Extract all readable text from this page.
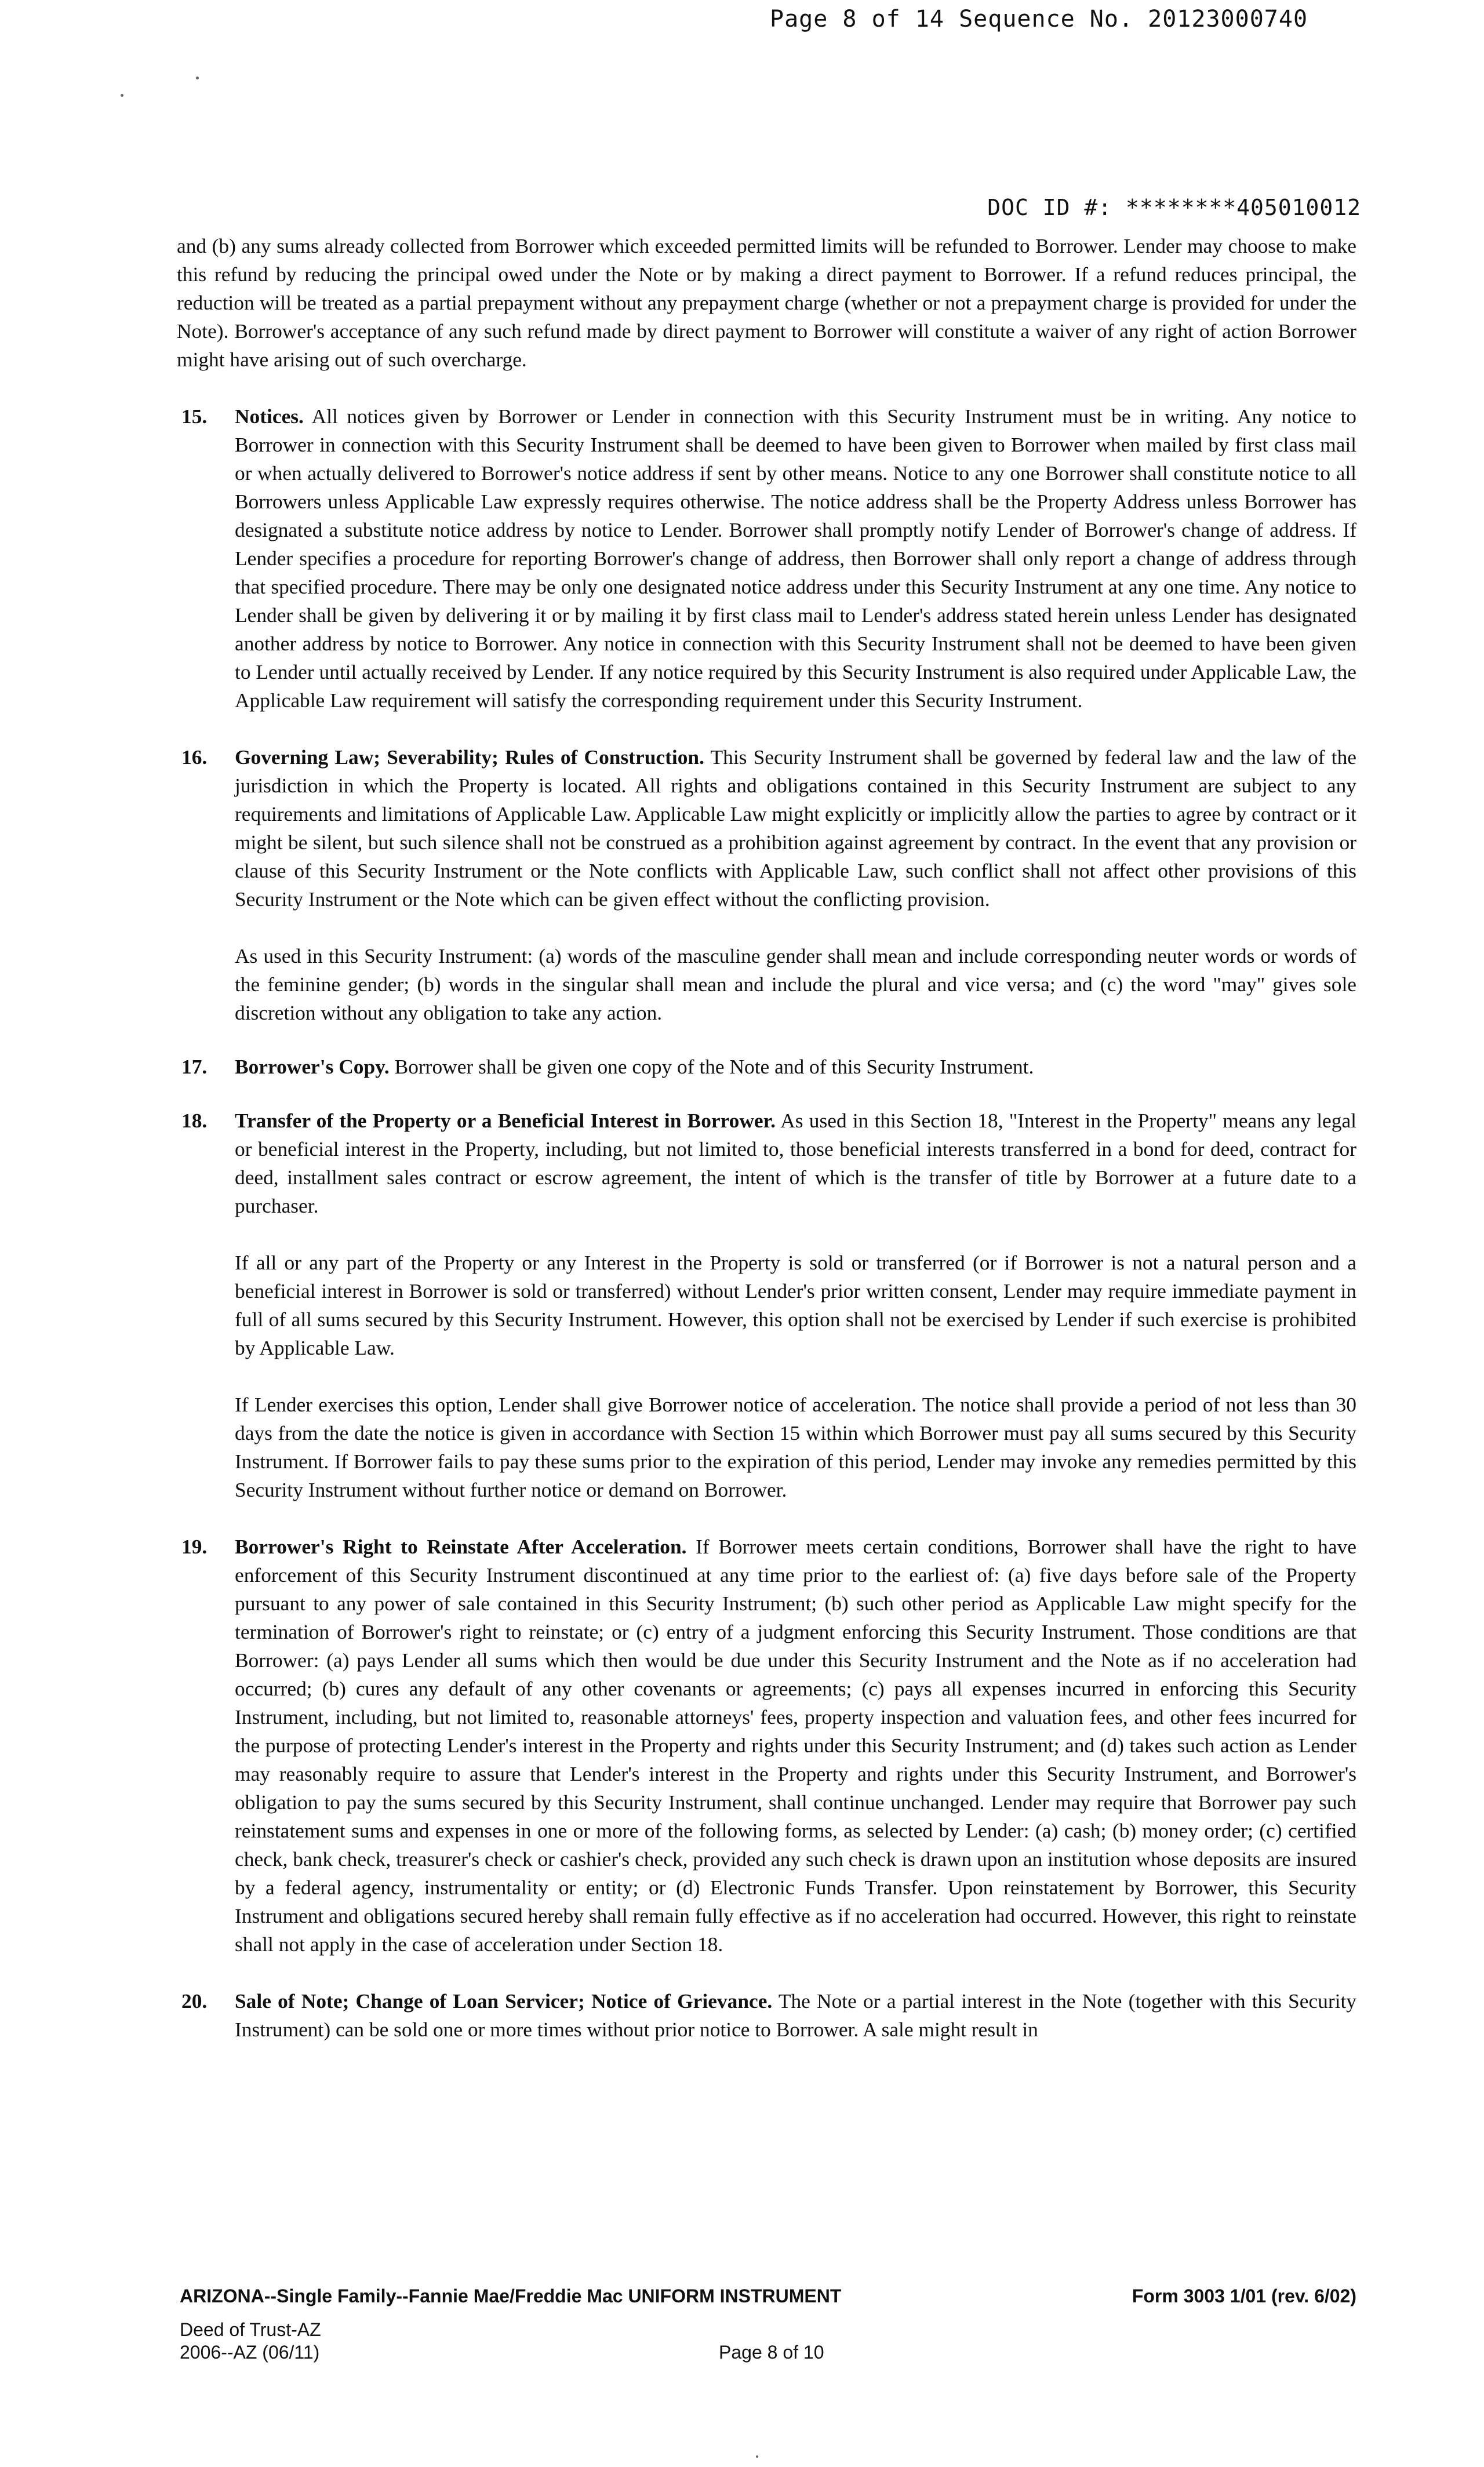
Page 8 of 14 Sequence No. 20123000740
DOC ID #: ********405010012

and (b) any sums already collected from Borrower which exceeded permitted limits will be refunded to Borrower. Lender may choose to make this refund by reducing the principal owed under the Note or by making a direct payment to Borrower. If a refund reduces principal, the reduction will be treated as a partial prepayment without any prepayment charge (whether or not a prepayment charge is provided for under the Note). Borrower's acceptance of any such refund made by direct payment to Borrower will constitute a waiver of any right of action Borrower might have arising out of such overcharge.

15. Notices. All notices given by Borrower or Lender in connection with this Security Instrument must be in writing. Any notice to Borrower in connection with this Security Instrument shall be deemed to have been given to Borrower when mailed by first class mail or when actually delivered to Borrower's notice address if sent by other means. Notice to any one Borrower shall constitute notice to all Borrowers unless Applicable Law expressly requires otherwise. The notice address shall be the Property Address unless Borrower has designated a substitute notice address by notice to Lender. Borrower shall promptly notify Lender of Borrower's change of address. If Lender specifies a procedure for reporting Borrower's change of address, then Borrower shall only report a change of address through that specified procedure. There may be only one designated notice address under this Security Instrument at any one time. Any notice to Lender shall be given by delivering it or by mailing it by first class mail to Lender's address stated herein unless Lender has designated another address by notice to Borrower. Any notice in connection with this Security Instrument shall not be deemed to have been given to Lender until actually received by Lender. If any notice required by this Security Instrument is also required under Applicable Law, the Applicable Law requirement will satisfy the corresponding requirement under this Security Instrument.

16. Governing Law; Severability; Rules of Construction. This Security Instrument shall be governed by federal law and the law of the jurisdiction in which the Property is located. All rights and obligations contained in this Security Instrument are subject to any requirements and limitations of Applicable Law. Applicable Law might explicitly or implicitly allow the parties to agree by contract or it might be silent, but such silence shall not be construed as a prohibition against agreement by contract. In the event that any provision or clause of this Security Instrument or the Note conflicts with Applicable Law, such conflict shall not affect other provisions of this Security Instrument or the Note which can be given effect without the conflicting provision.

As used in this Security Instrument: (a) words of the masculine gender shall mean and include corresponding neuter words or words of the feminine gender; (b) words in the singular shall mean and include the plural and vice versa; and (c) the word "may" gives sole discretion without any obligation to take any action.

17. Borrower's Copy. Borrower shall be given one copy of the Note and of this Security Instrument.

18. Transfer of the Property or a Beneficial Interest in Borrower. As used in this Section 18, "Interest in the Property" means any legal or beneficial interest in the Property, including, but not limited to, those beneficial interests transferred in a bond for deed, contract for deed, installment sales contract or escrow agreement, the intent of which is the transfer of title by Borrower at a future date to a purchaser.

If all or any part of the Property or any Interest in the Property is sold or transferred (or if Borrower is not a natural person and a beneficial interest in Borrower is sold or transferred) without Lender's prior written consent, Lender may require immediate payment in full of all sums secured by this Security Instrument. However, this option shall not be exercised by Lender if such exercise is prohibited by Applicable Law.

If Lender exercises this option, Lender shall give Borrower notice of acceleration. The notice shall provide a period of not less than 30 days from the date the notice is given in accordance with Section 15 within which Borrower must pay all sums secured by this Security Instrument. If Borrower fails to pay these sums prior to the expiration of this period, Lender may invoke any remedies permitted by this Security Instrument without further notice or demand on Borrower.

19. Borrower's Right to Reinstate After Acceleration. If Borrower meets certain conditions, Borrower shall have the right to have enforcement of this Security Instrument discontinued at any time prior to the earliest of: (a) five days before sale of the Property pursuant to any power of sale contained in this Security Instrument; (b) such other period as Applicable Law might specify for the termination of Borrower's right to reinstate; or (c) entry of a judgment enforcing this Security Instrument. Those conditions are that Borrower: (a) pays Lender all sums which then would be due under this Security Instrument and the Note as if no acceleration had occurred; (b) cures any default of any other covenants or agreements; (c) pays all expenses incurred in enforcing this Security Instrument, including, but not limited to, reasonable attorneys' fees, property inspection and valuation fees, and other fees incurred for the purpose of protecting Lender's interest in the Property and rights under this Security Instrument; and (d) takes such action as Lender may reasonably require to assure that Lender's interest in the Property and rights under this Security Instrument, and Borrower's obligation to pay the sums secured by this Security Instrument, shall continue unchanged. Lender may require that Borrower pay such reinstatement sums and expenses in one or more of the following forms, as selected by Lender: (a) cash; (b) money order; (c) certified check, bank check, treasurer's check or cashier's check, provided any such check is drawn upon an institution whose deposits are insured by a federal agency, instrumentality or entity; or (d) Electronic Funds Transfer. Upon reinstatement by Borrower, this Security Instrument and obligations secured hereby shall remain fully effective as if no acceleration had occurred. However, this right to reinstate shall not apply in the case of acceleration under Section 18.

20. Sale of Note; Change of Loan Servicer; Notice of Grievance. The Note or a partial interest in the Note (together with this Security Instrument) can be sold one or more times without prior notice to Borrower. A sale might result in

ARIZONA--Single Family--Fannie Mae/Freddie Mac UNIFORM INSTRUMENT	Form 3003 1/01 (rev. 6/02)
Deed of Trust-AZ
2006--AZ (06/11)	Page 8 of 10
